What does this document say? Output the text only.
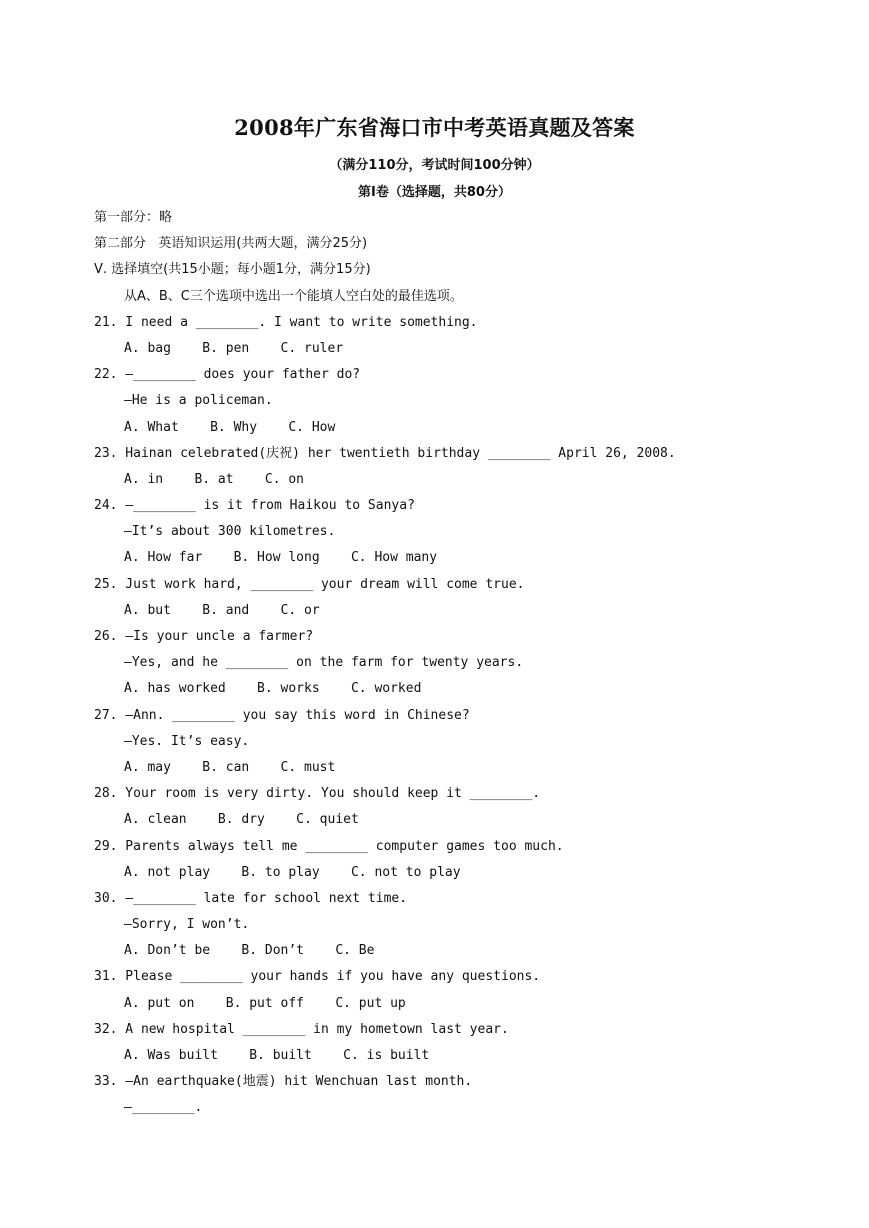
2008年广东省海口市中考英语真题及答案
（满分110分，考试时间100分钟）
第Ⅰ卷（选择题，共80分）
第一部分：略
第二部分   英语知识运用(共两大题，满分25分)
Ⅴ. 选择填空(共15小题；每小题1分，满分15分)
从A、B、C三个选项中选出一个能填人空白处的最佳选项。
21. I need a ________. I want to write something.
A. bag    B. pen    C. ruler
22. —________ does your father do?
—He is a policeman.
A. What    B. Why    C. How
23. Hainan celebrated(庆祝) her twentieth birthday ________ April 26, 2008.
A. in    B. at    C. on
24. —________ is it from Haikou to Sanya?
—It’s about 300 kilometres.
A. How far    B. How long    C. How many
25. Just work hard, ________ your dream will come true.
A. but    B. and    C. or
26. —Is your uncle a farmer?
—Yes, and he ________ on the farm for twenty years.
A. has worked    B. works    C. worked
27. —Ann. ________ you say this word in Chinese?
—Yes. It’s easy.
A. may    B. can    C. must
28. Your room is very dirty. You should keep it ________.
A. clean    B. dry    C. quiet
29. Parents always tell me ________ computer games too much.
A. not play    B. to play    C. not to play
30. —________ late for school next time.
—Sorry, I won’t.
A. Don’t be    B. Don’t    C. Be
31. Please ________ your hands if you have any questions.
A. put on    B. put off    C. put up
32. A new hospital ________ in my hometown last year.
A. Was built    B. built    C. is built
33. —An earthquake(地震) hit Wenchuan last month.
—________.
